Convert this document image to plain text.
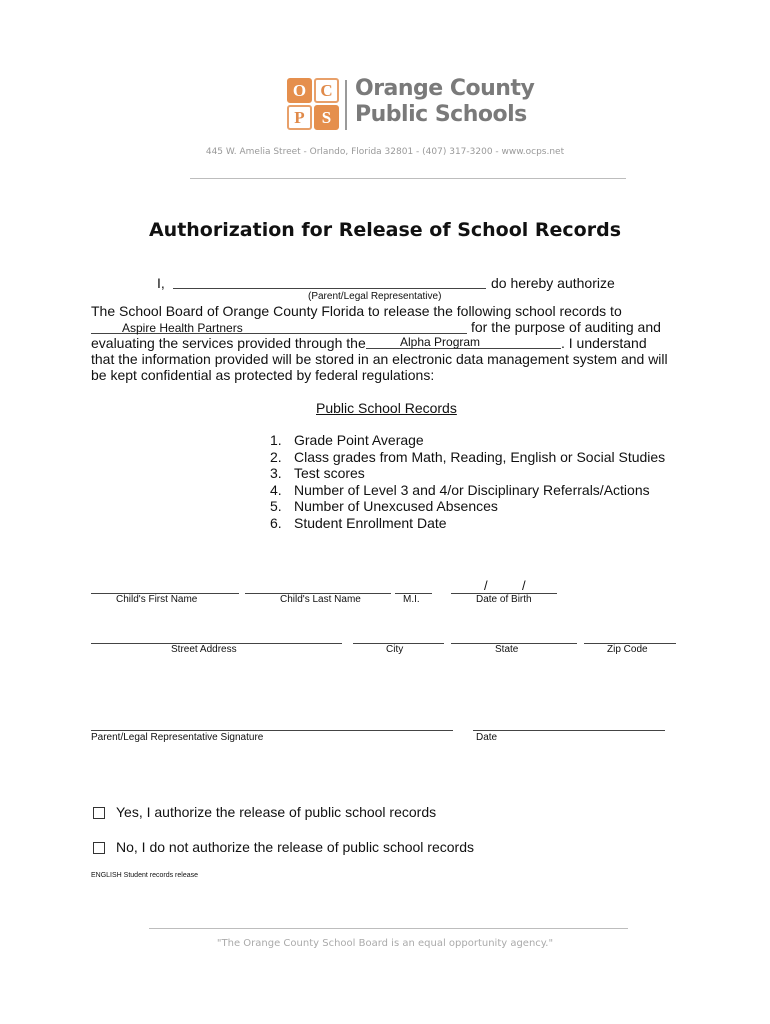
O C
P	S
Orange County
Public Schools
445 W. Amelia Street - Orlando, Florida 32801 - (407) 317-3200 - www.ocps.net
Authorization for Release of School Records
I,	do hereby authorize
(Parent/Legal Representative)
The School Board of Orange County Florida to release the following school records to
Aspire Health Partners	for the purpose of auditing and
evaluating the services provided through the	Alpha Program	. I understand
that the information provided will be stored in an electronic data management system and will
be kept confidential as protected by federal regulations:
Public School Records
1. Grade Point Average
2. Class grades from Math, Reading, English or Social Studies
3. Test scores
4. Number of Level 3 and 4/or Disciplinary Referrals/Actions
5. Number of Unexcused Absences
6. Student Enrollment Date
/	/
Child's First Name	Child's Last Name	M.I.	Date of Birth
Street Address	City	State	Zip Code
Parent/Legal Representative Signature	Date
Yes, I authorize the release of public school records
No, I do not authorize the release of public school records
ENGLISH Student records release
"The Orange County School Board is an equal opportunity agency."
